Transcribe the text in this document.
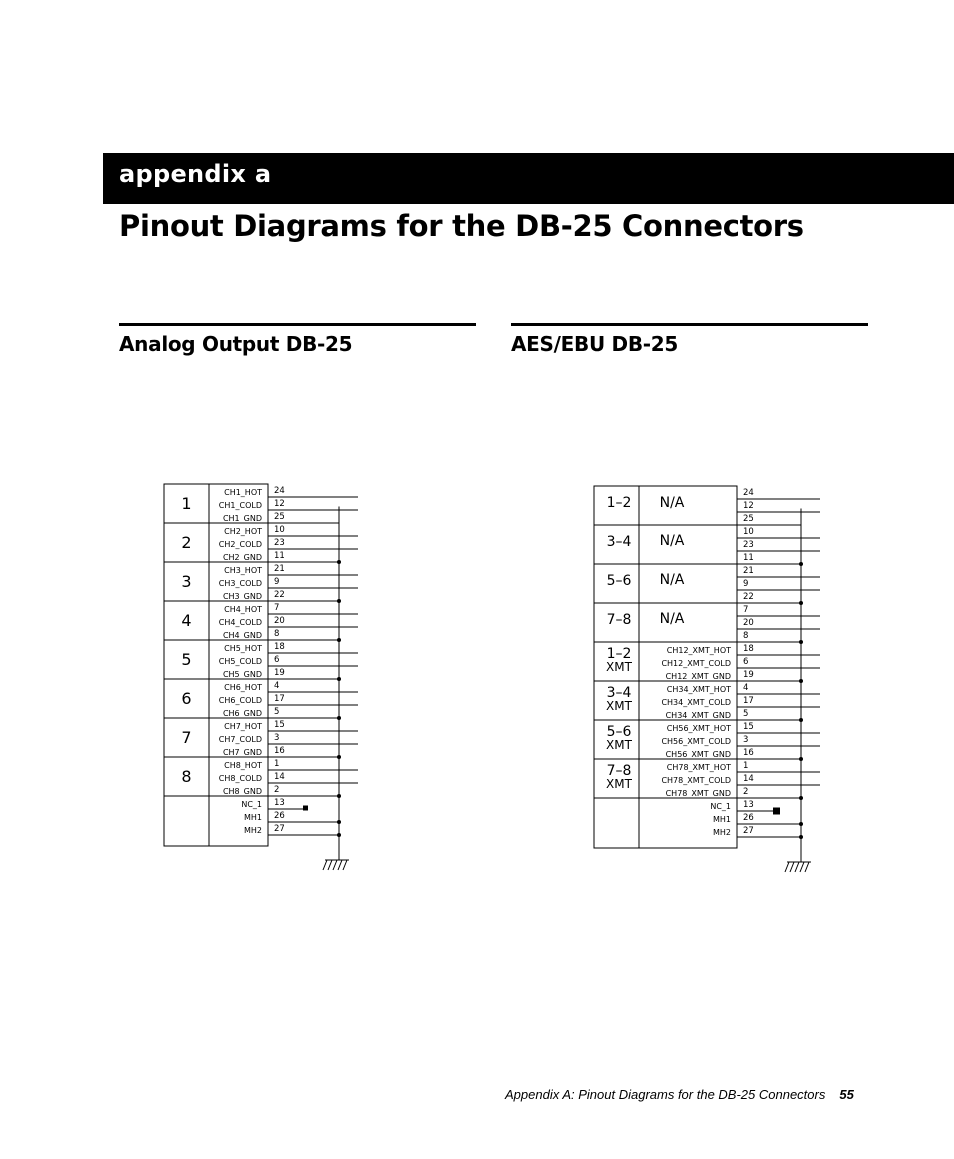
appendix a
Pinout Diagrams for the DB-25 Connectors
Analog Output DB-25	AES/EBU DB-25
1
CH1_HOT 24
CH1_COLD 12
CH1_GND 25
2
CH2_HOT 10
CH2_COLD 23
CH2_GND 11
3
CH3_HOT 21
CH3_COLD 9
CH3_GND 22
4
CH4_HOT 7
CH4_COLD 20
CH4_GND 8
5
CH5_HOT 18
CH5_COLD 6
CH5_GND 19
6
CH6_HOT 4
CH6_COLD 17
CH6_GND 5
7
CH7_HOT 15
CH7_COLD 3
CH7_GND 16
8
CH8_HOT 1
CH8_COLD 14
CH8_GND 2
NC_1 13
MH1 26
MH2 27
1–2 N/A
24
12
25
3–4 N/A
10
23
11
5–6 N/A
21
9
22
7–8 N/A
7
20
8
1–2
XMT
CH12_XMT_HOT 18
CH12_XMT_COLD 6
CH12_XMT_GND 19
3–4
XMT
CH34_XMT_HOT 4
CH34_XMT_COLD 17
CH34_XMT_GND 5
5–6
XMT
CH56_XMT_HOT 15
CH56_XMT_COLD 3
CH56_XMT_GND 16
7–8
XMT
CH78_XMT_HOT 1
CH78_XMT_COLD 14
CH78_XMT_GND 2
NC_1 13
MH1 26
MH2 27
Appendix A: Pinout Diagrams for the DB-25 Connectors 55
